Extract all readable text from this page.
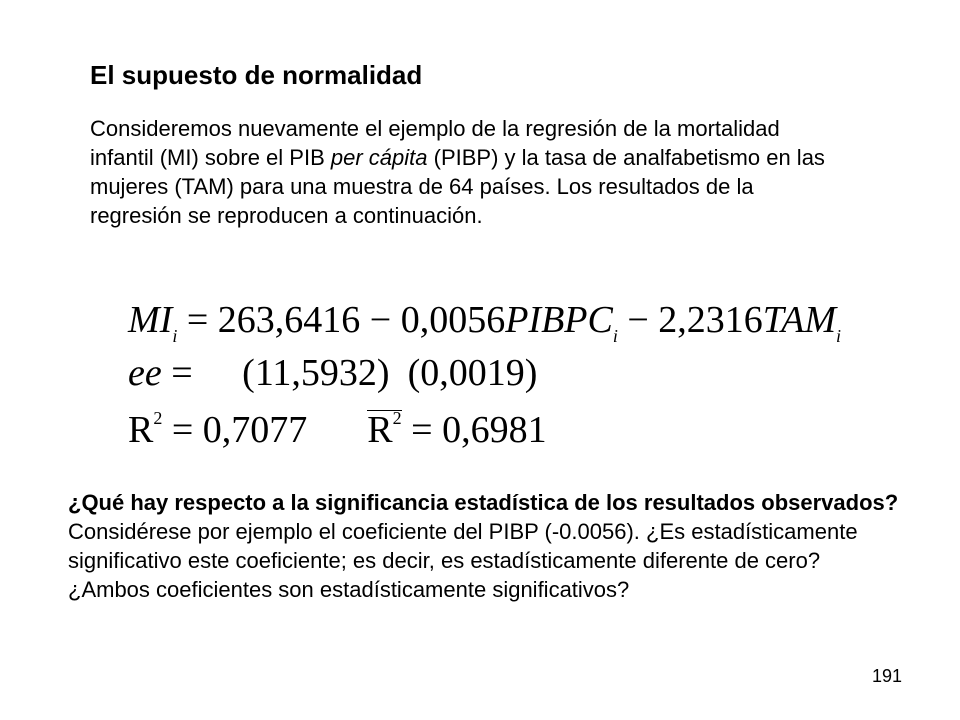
El supuesto de normalidad

Consideremos nuevamente el ejemplo de la regresión de la mortalidad infantil (MI) sobre el PIB per cápita (PIBP) y la tasa de analfabetismo en las mujeres (TAM) para una muestra de 64 países. Los resultados de la regresión se reproducen a continuación.

$MI_i = 263,6416$ − $0,0056PIBPC_i - 2,2316TAM_i$
ee = (11,5932) (0,0019)
$R^2 = 0,7077$ $R^2 = 0,6981$

¿Qué hay respecto a la significancia estadística de los resultados observados? Considérese por ejemplo el coeficiente del PIBP (-0.0056). ¿Es estadísticamente significativo este coeficiente; es decir, es estadísticamente diferente de cero? ¿Ambos coeficientes son estadísticamente significativos?

191
